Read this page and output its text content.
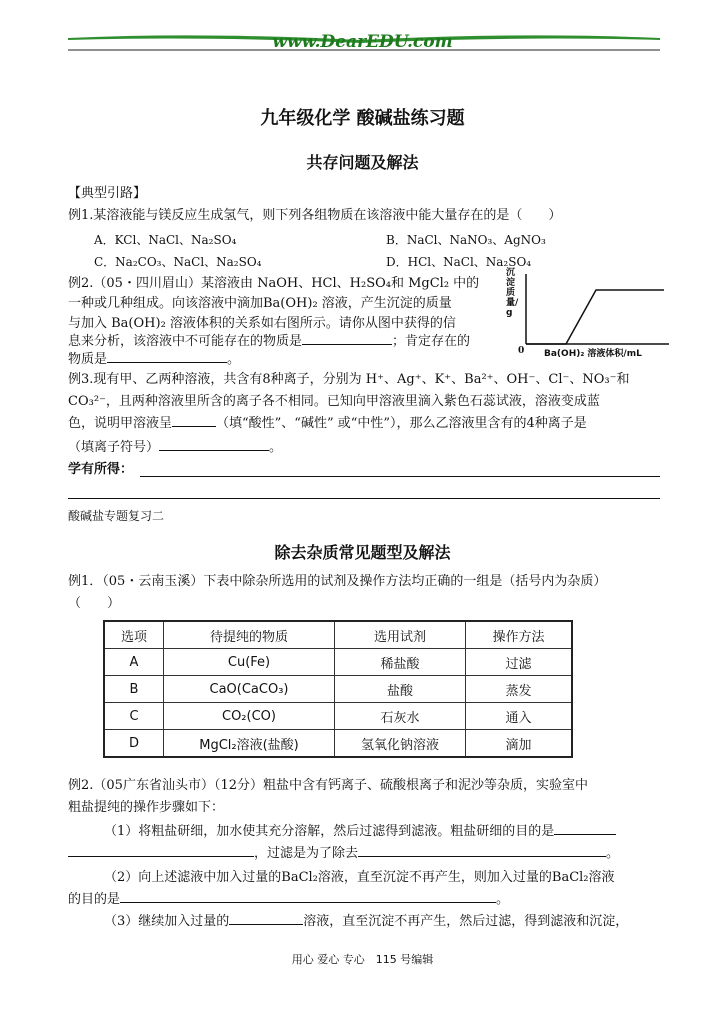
www.DearEDU.com
九年级化学 酸碱盐练习题
共存问题及解法
【典型引路】
例1.某溶液能与镁反应生成氢气，则下列各组物质在该溶液中能大量存在的是（　　）
A．KCl、NaCl、Na₂SO₄	B．NaCl、NaNO₃、AgNO₃
C．Na₂CO₃、NaCl、Na₂SO₄	D．HCl、NaCl、Na₂SO₄
例2.（05・四川眉山）某溶液由 NaOH、HCl、H₂SO₄和 MgCl₂ 中的
一种或几种组成。向该溶液中滴加Ba(OH)₂ 溶液，产生沉淀的质量
与加入 Ba(OH)₂ 溶液体积的关系如右图所示。请你从图中获得的信
息来分析，该溶液中不可能存在的物质是	；肯定存在的
物质是	。
沉淀质量/g
0 Ba(OH)₂ 溶液体积/mL
例3.现有甲、乙两种溶液，共含有8种离子，分别为 H⁺、Ag⁺、K⁺、Ba²⁺、OH⁻、Cl⁻、NO₃⁻和
CO₃²⁻，且两种溶液里所含的离子各不相同。已知向甲溶液里滴入紫色石蕊试液，溶液变成蓝
色，说明甲溶液呈	（填“酸性”、“碱性” 或“中性”），那么乙溶液里含有的4种离子是
（填离子符号）	。
学有所得：
酸碱盐专题复习二
除去杂质常见题型及解法
例1．（05・云南玉溪）下表中除杂所选用的试剂及操作方法均正确的一组是（括号内为杂质）
（　　）
选项	待提纯的物质	选用试剂	操作方法
A	Cu(Fe)	稀盐酸	过滤
B	CaO(CaCO₃)	盐酸	蒸发
C	CO₂(CO)	石灰水	通入
D	MgCl₂溶液(盐酸)	氢氧化钠溶液	滴加
例2.（05广东省汕头市）（12分）粗盐中含有钙离子、硫酸根离子和泥沙等杂质，实验室中
粗盐提纯的操作步骤如下：
（1）将粗盐研细，加水使其充分溶解，然后过滤得到滤液。粗盐研细的目的是
，过滤是为了除去	。
（2）向上述滤液中加入过量的BaCl₂溶液，直至沉淀不再产生，则加入过量的BaCl₂溶液
的目的是	。
（3）继续加入过量的	溶液，直至沉淀不再产生，然后过滤，得到滤液和沉淀，
用心 爱心 专心　115 号编辑
